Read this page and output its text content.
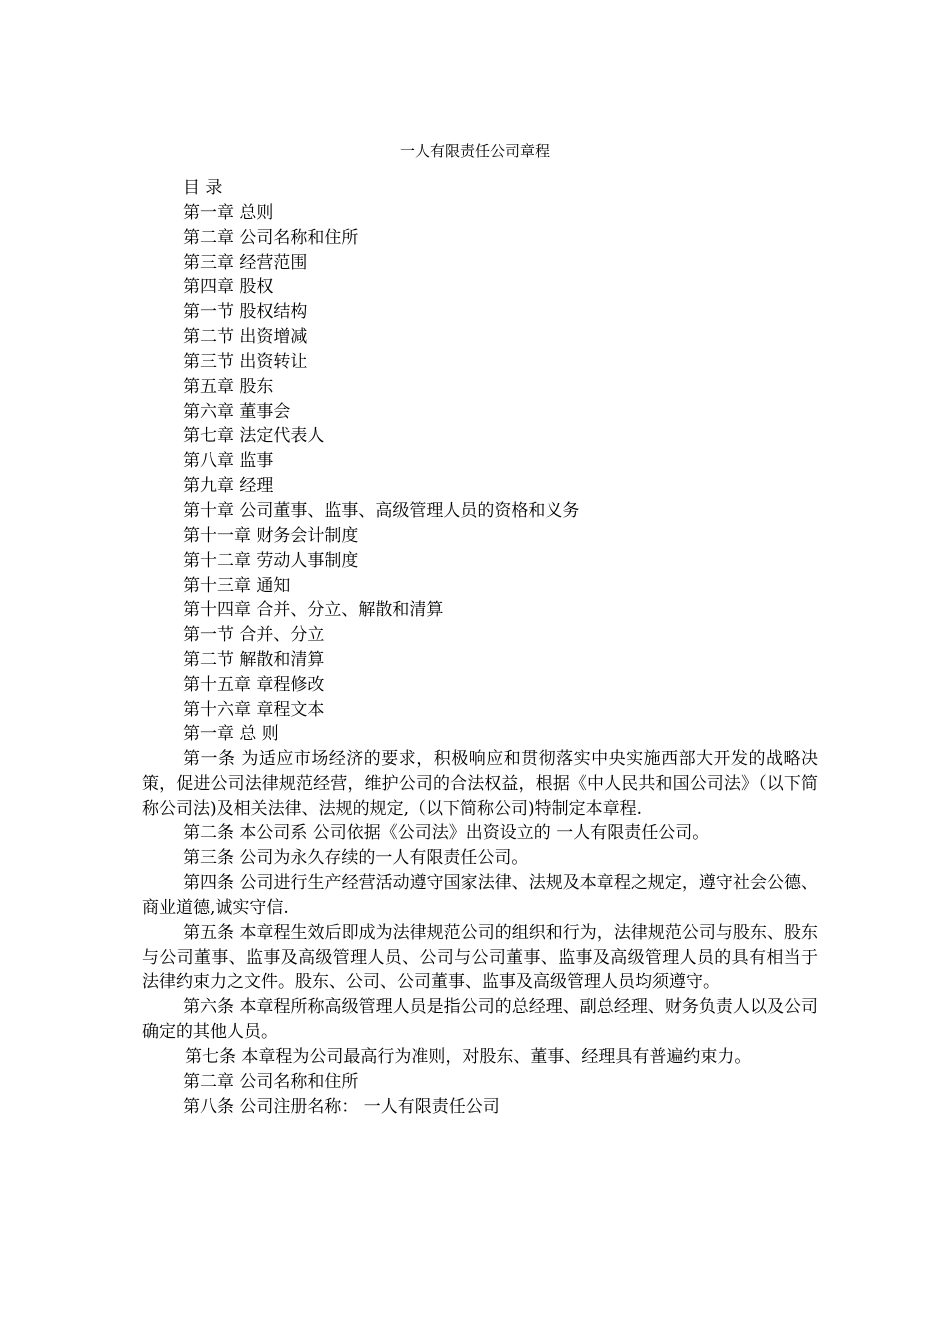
一人有限责任公司章程
目 录
第一章 总则
第二章 公司名称和住所
第三章 经营范围
第四章 股权
第一节 股权结构
第二节 出资增减
第三节 出资转让
第五章 股东
第六章 董事会
第七章 法定代表人
第八章 监事
第九章 经理
第十章 公司董事、监事、高级管理人员的资格和义务
第十一章 财务会计制度
第十二章 劳动人事制度
第十三章 通知
第十四章 合并、分立、解散和清算
第一节 合并、分立
第二节 解散和清算
第十五章 章程修改
第十六章 章程文本

第一章 总 则

第一条 为适应市场经济的要求，积极响应和贯彻落实中央实施西部大开发的战略决策，促进公司法律规范经营，维护公司的合法权益，根据《中人民共和国公司法》（以下简称公司法)及相关法律、法规的规定,（以下简称公司)特制定本章程.

第二条 本公司系 公司依据《公司法》出资设立的 一人有限责任公司。

第三条 公司为永久存续的一人有限责任公司。

第四条 公司进行生产经营活动遵守国家法律、法规及本章程之规定，遵守社会公德、商业道德,诚实守信.

第五条 本章程生效后即成为法律规范公司的组织和行为，法律规范公司与股东、股东与公司董事、监事及高级管理人员、公司与公司董事、监事及高级管理人员的具有相当于法律约束力之文件。股东、公司、公司董事、监事及高级管理人员均须遵守。

第六条 本章程所称高级管理人员是指公司的总经理、副总经理、财务负责人以及公司确定的其他人员。

第七条 本章程为公司最高行为准则，对股东、董事、经理具有普遍约束力。

第二章 公司名称和住所

第八条 公司注册名称： 一人有限责任公司
